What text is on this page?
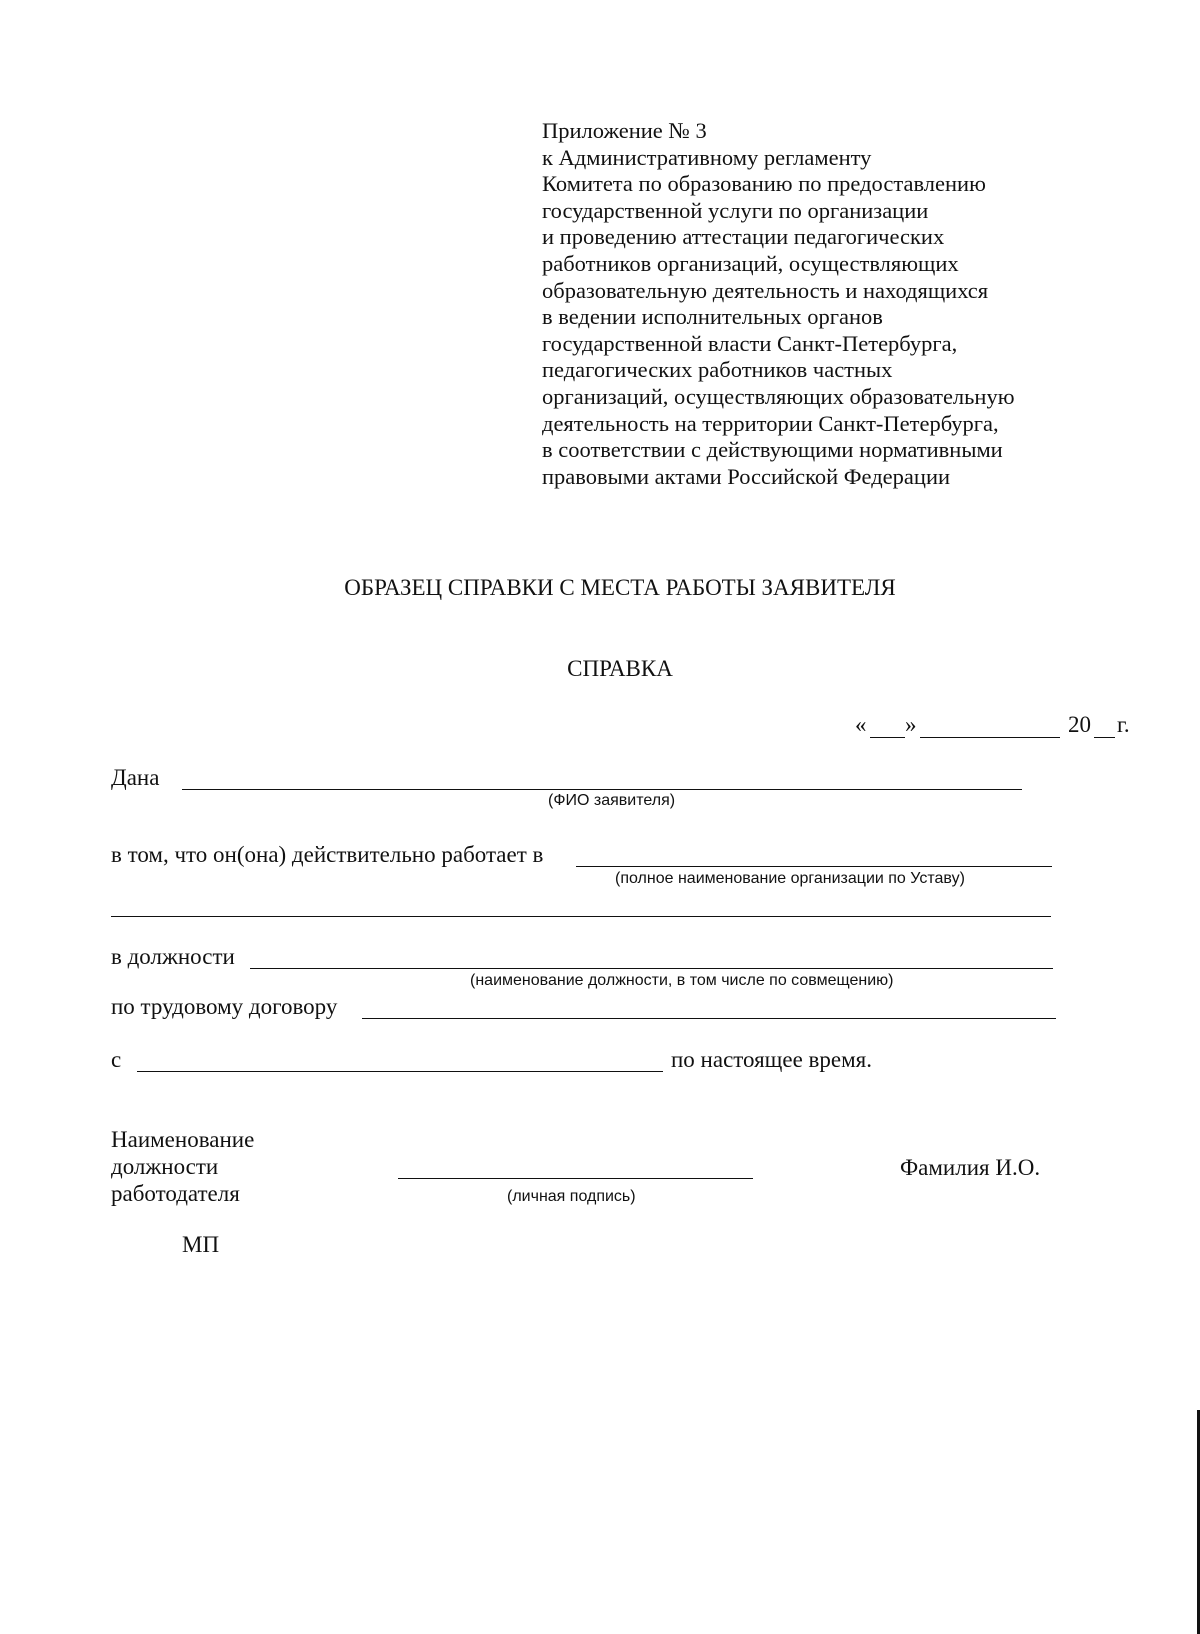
Приложение № 3
к Административному регламенту
Комитета по образованию по предоставлению
государственной услуги по организации
и проведению аттестации педагогических
работников организаций, осуществляющих
образовательную деятельность и находящихся
в ведении исполнительных органов
государственной власти Санкт-Петербурга,
педагогических работников частных
организаций, осуществляющих образовательную
деятельность на территории Санкт-Петербурга,
в соответствии с действующими нормативными
правовыми актами Российской Федерации
ОБРАЗЕЦ СПРАВКИ С МЕСТА РАБОТЫ ЗАЯВИТЕЛЯ
СПРАВКА
« »	20 г.
Дана
(ФИО заявителя)
в том, что он(она) действительно работает в
(полное наименование организации по Уставу)
в должности
(наименование должности, в том числе по совмещению)
по трудовому договору
с	по настоящее время.
Наименование
должности
работодателя	(личная подпись)
Фамилия И.О.
МП
